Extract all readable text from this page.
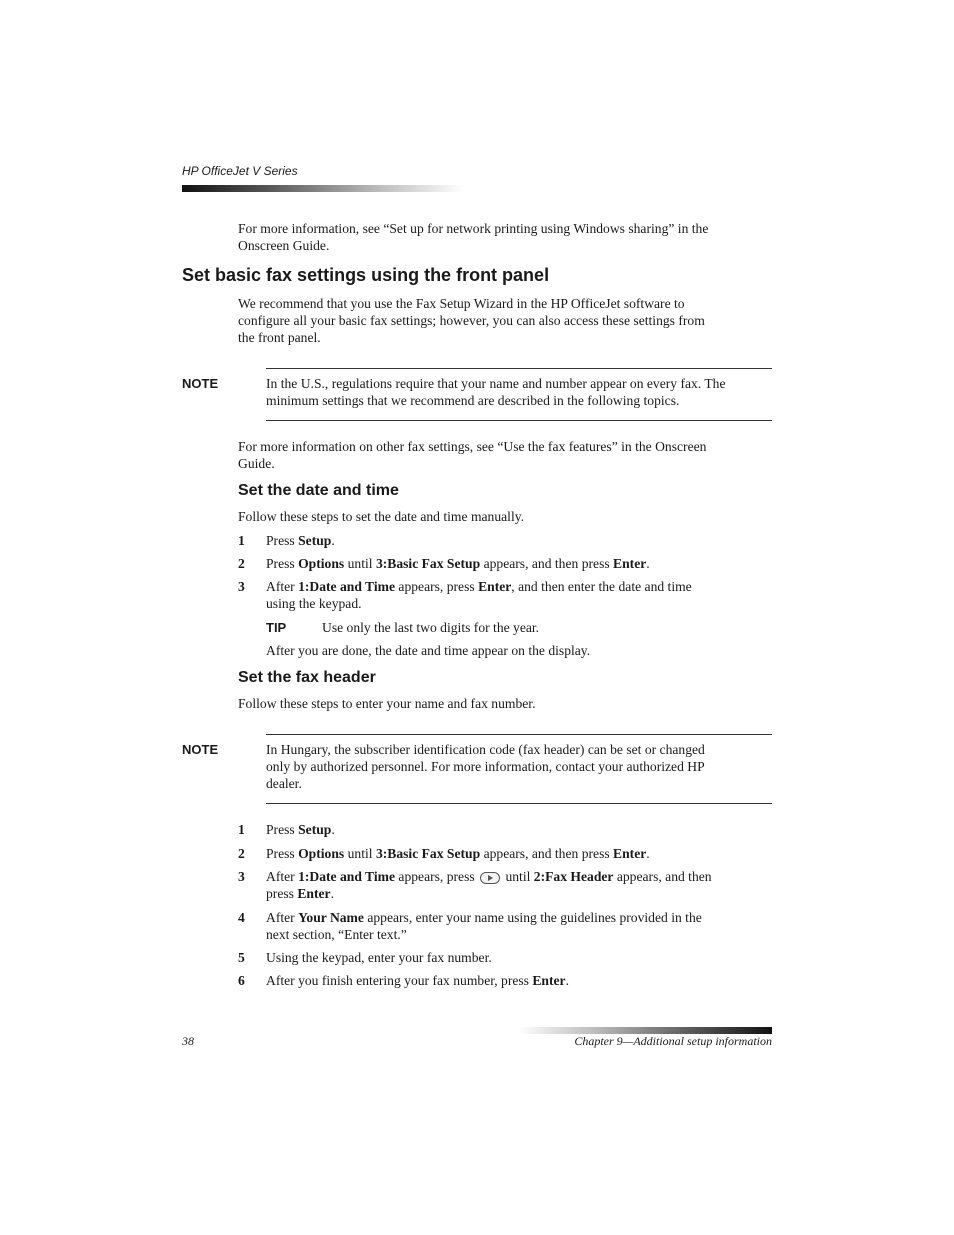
HP OfficeJet V Series
For more information, see “Set up for network printing using Windows sharing” in the
Onscreen Guide.
Set basic fax settings using the front panel
We recommend that you use the Fax Setup Wizard in the HP OfficeJet software to
configure all your basic fax settings; however, you can also access these settings from
the front panel.
NOTE	In the U.S., regulations require that your name and number appear on every fax. The
minimum settings that we recommend are described in the following topics.
For more information on other fax settings, see “Use the fax features” in the Onscreen
Guide.
Set the date and time
Follow these steps to set the date and time manually.
1 Press Setup.
2 Press Options until 3:Basic Fax Setup appears, and then press Enter.
3 After 1:Date and Time appears, press Enter, and then enter the date and time
using the keypad.
TIP	Use only the last two digits for the year.
After you are done, the date and time appear on the display.
Set the fax header
Follow these steps to enter your name and fax number.
NOTE	In Hungary, the subscriber identification code (fax header) can be set or changed
only by authorized personnel. For more information, contact your authorized HP
dealer.
1 Press Setup.
2 Press Options until 3:Basic Fax Setup appears, and then press Enter.
3 After 1:Date and Time appears, press  until 2:Fax Header appears, and then
press Enter.
4 After Your Name appears, enter your name using the guidelines provided in the
next section, “Enter text.”
5 Using the keypad, enter your fax number.
6 After you finish entering your fax number, press Enter.
38	Chapter 9—Additional setup information
